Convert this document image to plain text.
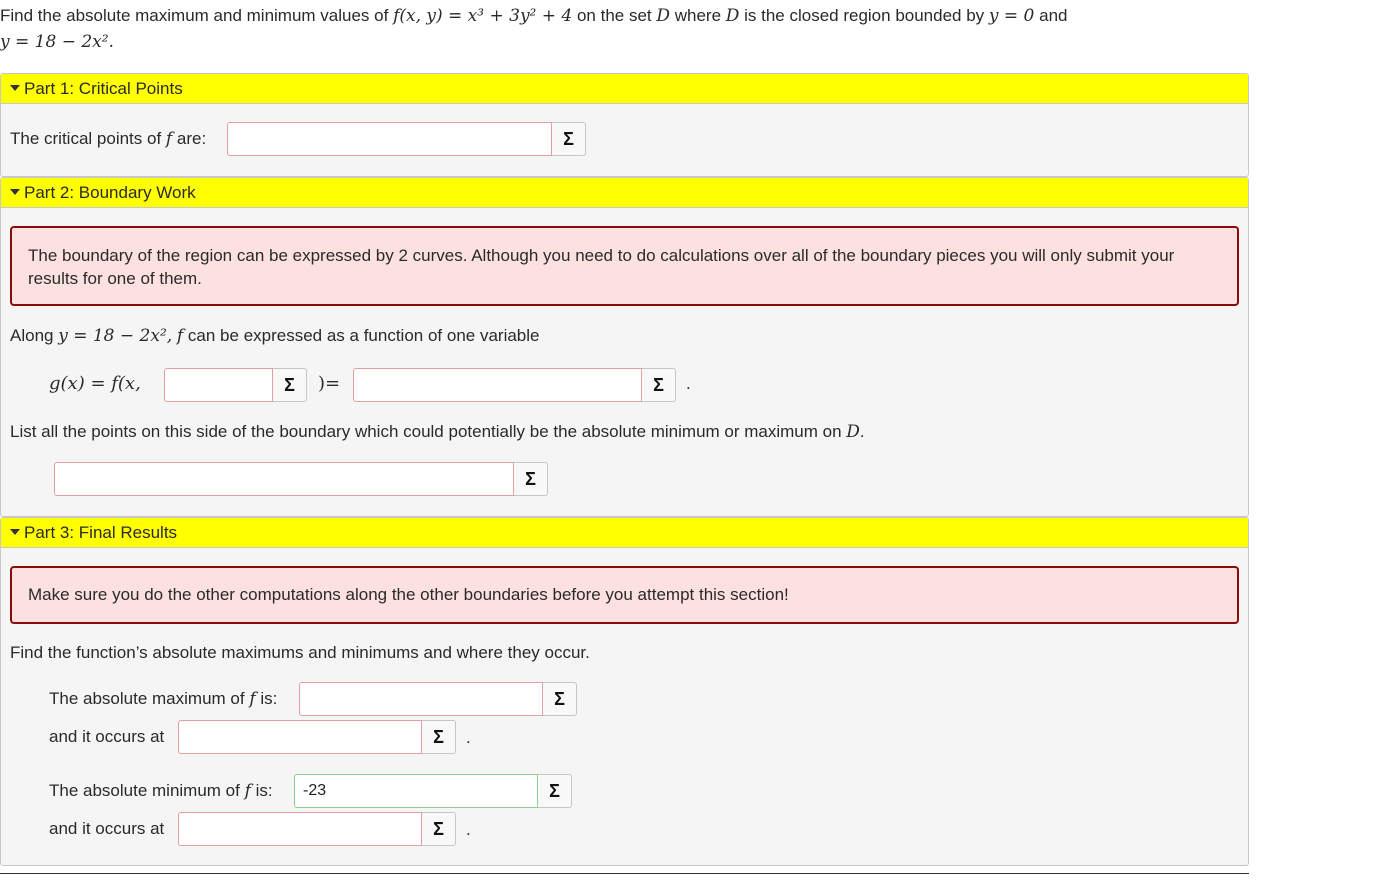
Find the absolute maximum and minimum values of f(x, y) = x³ + 3y² + 4 on the set D where D is the closed region bounded by y = 0 and
y = 18 − 2x².
Part 1: Critical Points
The critical points of f are:	Σ
Part 2: Boundary Work
The boundary of the region can be expressed by 2 curves. Although you need to do calculations over all of the boundary pieces you will only submit your results for one of them.
Along y = 18 − 2x², f can be expressed as a function of one variable
g(x) = f(x,	Σ	)=	Σ	.
List all the points on this side of the boundary which could potentially be the absolute minimum or maximum on D.
Σ
Part 3: Final Results
Make sure you do the other computations along the other boundaries before you attempt this section!
Find the function’s absolute maximums and minimums and where they occur.
The absolute maximum of f is:	Σ
and it occurs at	Σ	.
The absolute minimum of f is:	-23	Σ
and it occurs at	Σ	.
